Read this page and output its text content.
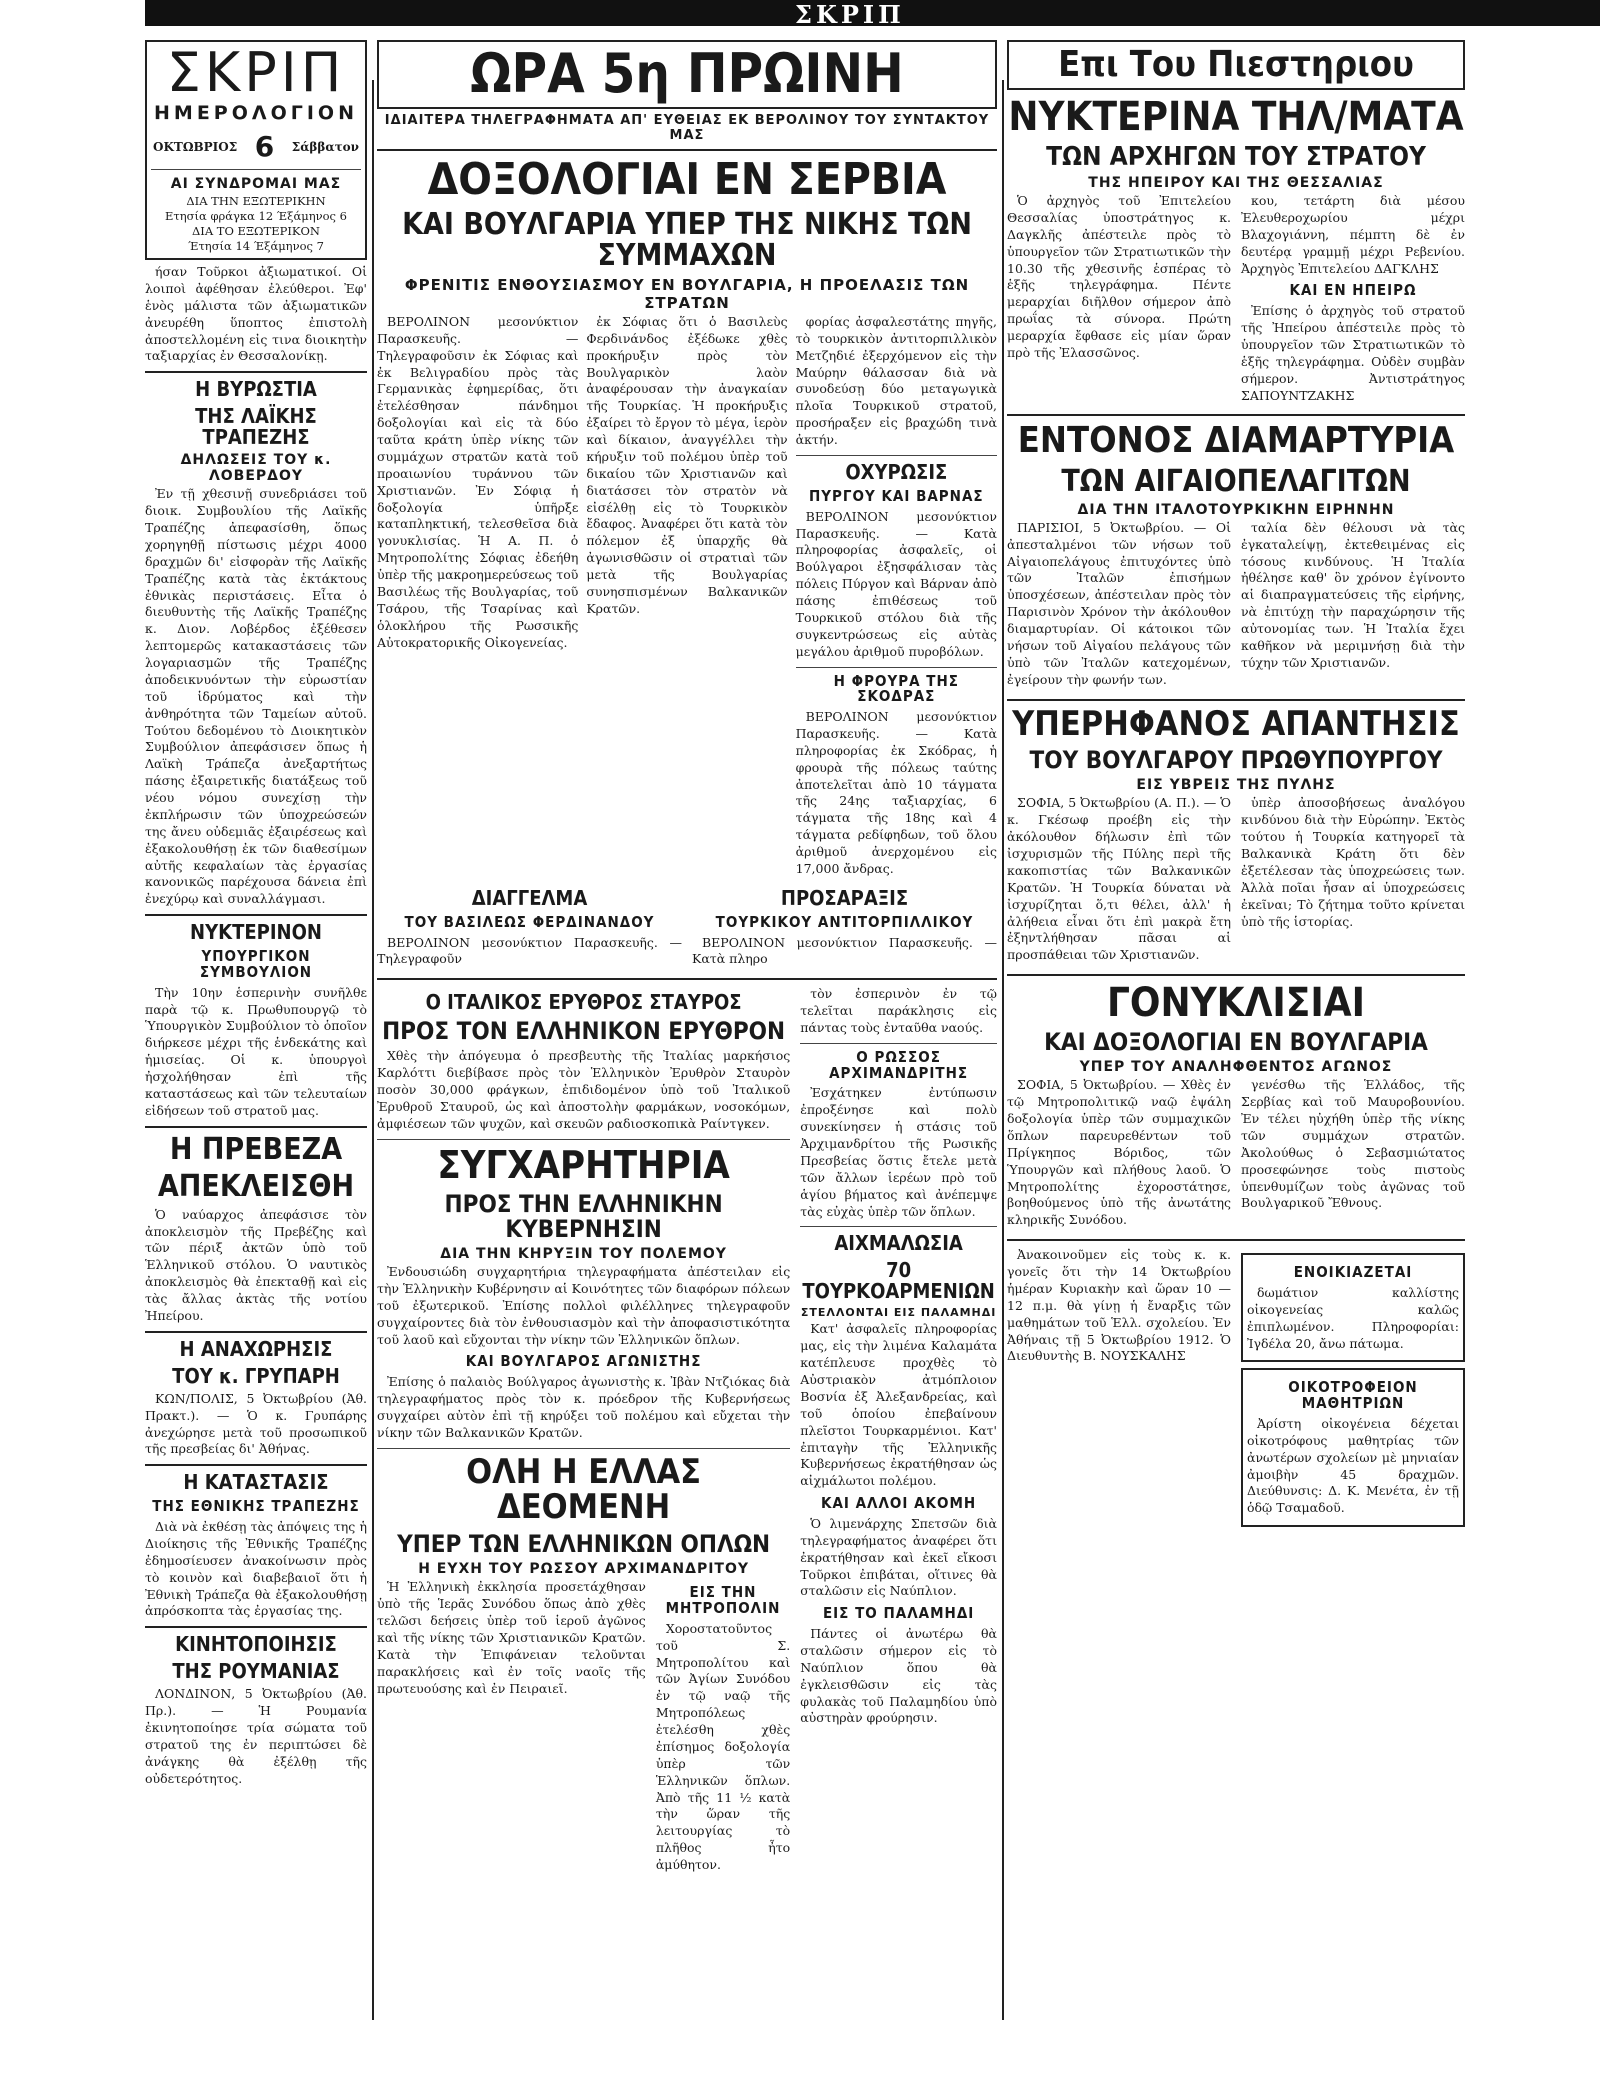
ΣΚΡΙΠ
ΣΚΡΙΠ
ΗΜΕΡΟΛΟΓΙΟΝ
ΟΚΤΩΒΡΙΟΣ 6 Σάββατον
ΑΙ ΣΥΝΔΡΟΜΑΙ ΜΑΣ
ΔΙΑ ΤΗΝ ΕΞΩΤΕΡΙΚΗΝ
Ετησία φράγκα 12 Έξάμηνος 6
ΔΙΑ ΤΟ ΕΞΩΤΕΡΙΚΟΝ
Έτησία 14 Έξάμηνος 7

ήσαν Τοῦρκοι ἀξιωματικοί. Οἱ λοιποὶ ἀφέθησαν ἐλεύθεροι. Ἐφ' ἑνὸς μάλιστα τῶν ἀξιωματικῶν ἀνευρέθη ὕποπτος ἐπιστολὴ ἀποστελλομένη εἰς τινα διοικητὴν ταξιαρχίας ἐν Θεσσαλονίκῃ.

Η ΒΥΡΩΣΤΙΑ
ΤΗΣ ΛΑΪΚΗΣ ΤΡΑΠΕΖΗΣ
ΔΗΛΩΣΕΙΣ ΤΟΥ κ. ΛΟΒΕΡΔΟΥ

Ἐν τῇ χθεσινῇ συνεδριάσει τοῦ διοικ. Συμβουλίου τῆς Λαϊκῆς Τραπέζης ἀπεφασίσθη, ὅπως χορηγηθῇ πίστωσις μέχρι 4000 δραχμῶν δι' εἰσφορὰν τῆς Λαϊκῆς Τραπέζης κατὰ τὰς ἐκτάκτους ἐθνικὰς περιστάσεις. Εἶτα ὁ διευθυντὴς τῆς Λαϊκῆς Τραπέζης κ. Διον. Λοβέρδος ἐξέθεσεν λεπτομερῶς κατακαστάσεις τῶν λογαριασμῶν τῆς Τραπέζης ἀποδεικνυόντων τὴν εὐρωστίαν τοῦ ἱδρύματος καὶ τὴν ἀνθηρότητα τῶν Ταμείων αὐτοῦ. Τούτου δεδομένου τὸ Διοικητικὸν Συμβούλιον ἀπεφάσισεν ὅπως ἡ Λαϊκὴ Τράπεζα ἀνεξαρτήτως πάσης ἐξαιρετικῆς διατάξεως τοῦ νέου νόμου συνεχίσῃ τὴν ἐκπλήρωσιν τῶν ὑποχρεώσεών της ἄνευ οὐδεμιᾶς ἐξαιρέσεως καὶ ἐξακολουθήσῃ ἐκ τῶν διαθεσίμων αὐτῆς κεφαλαίων τὰς ἐργασίας κανονικῶς παρέχουσα δάνεια ἐπὶ ἐνεχύρῳ καὶ συναλλάγμασι.

ΝΥΚΤΕΡΙΝΟΝ
ΥΠΟΥΡΓΙΚΟΝ ΣΥΜΒΟΥΛΙΟΝ

Τὴν 10ην ἑσπερινὴν συνῆλθε παρὰ τῷ κ. Πρωθυπουργῷ τὸ Ὑπουργικὸν Συμβούλιον τὸ ὁποῖον διήρκεσε μέχρι τῆς ἑνδεκάτης καὶ ἡμισείας. Οἱ κ. ὑπουργοὶ ἠσχολήθησαν ἐπὶ τῆς καταστάσεως καὶ τῶν τελευταίων εἰδήσεων τοῦ στρατοῦ μας.

Η ΠΡΕΒΕΖΑ
ΑΠΕΚΛΕΙΣΘΗ

Ὁ ναύαρχος ἀπεφάσισε τὸν ἀποκλεισμὸν τῆς Πρεβέζης καὶ τῶν πέριξ ἀκτῶν ὑπὸ τοῦ Ἑλληνικοῦ στόλου. Ὁ ναυτικὸς ἀποκλεισμὸς θὰ ἐπεκταθῇ καὶ εἰς τὰς ἄλλας ἀκτὰς τῆς νοτίου Ἠπείρου.

Η ΑΝΑΧΩΡΗΣΙΣ
ΤΟΥ κ. ΓΡΥΠΑΡΗ

ΚΩΝ/ΠΟΛΙΣ, 5 Ὀκτωβρίου (Ἀθ. Πρακτ.). — Ὁ κ. Γρυπάρης ἀνεχώρησε μετὰ τοῦ προσωπικοῦ τῆς πρεσβείας δι' Ἀθήνας.

Η ΚΑΤΑΣΤΑΣΙΣ
ΤΗΣ ΕΘΝΙΚΗΣ ΤΡΑΠΕΖΗΣ

Διὰ νὰ ἐκθέσῃ τὰς ἀπόψεις της ἡ Διοίκησις τῆς Ἐθνικῆς Τραπέζης ἐδημοσίευσεν ἀνακοίνωσιν πρὸς τὸ κοινὸν καὶ διαβεβαιοῖ ὅτι ἡ Ἐθνικὴ Τράπεζα θὰ ἐξακολουθήσῃ ἀπρόσκοπτα τὰς ἐργασίας της.

ΚΙΝΗΤΟΠΟΙΗΣΙΣ
ΤΗΣ ΡΟΥΜΑΝΙΑΣ

ΛΟΝΔΙΝΟΝ, 5 Ὀκτωβρίου (Ἀθ. Πρ.). — Ἡ Ρουμανία ἐκινητοποίησε τρία σώματα τοῦ στρατοῦ της ἐν περιπτώσει δὲ ἀνάγκης θὰ ἐξέλθῃ τῆς οὐδετερότητος.

ΩΡΑ 5η ΠΡΩΙΝΗ
ΙΔΙΑΙΤΕΡΑ ΤΗΛΕΓΡΑΦΗΜΑΤΑ ΑΠ' ΕΥΘΕΙΑΣ ΕΚ ΒΕΡΟΛΙΝΟΥ ΤΟΥ ΣΥΝΤΑΚΤΟΥ ΜΑΣ
ΔΟΞΟΛΟΓΙΑΙ ΕΝ ΣΕΡΒΙΑ
ΚΑΙ ΒΟΥΛΓΑΡΙΑ ΥΠΕΡ ΤΗΣ ΝΙΚΗΣ ΤΩΝ ΣΥΜΜΑΧΩΝ
ΦΡΕΝΙΤΙΣ ΕΝΘΟΥΣΙΑΣΜΟΥ ΕΝ ΒΟΥΛΓΑΡΙΑ, Η ΠΡΟΕΛΑΣΙΣ ΤΩΝ ΣΤΡΑΤΩΝ

ΒΕΡΟΛΙΝΟΝ μεσονύκτιον Παρασκευῆς. — Τηλεγραφοῦσιν ἐκ Σόφιας καὶ ἐκ Βελιγραδίου πρὸς τὰς Γερμανικὰς ἐφημερίδας, ὅτι ἐτελέσθησαν πάνδημοι δοξολογίαι καὶ εἰς τὰ δύο ταῦτα κράτη ὑπὲρ νίκης τῶν συμμάχων στρατῶν κατὰ τοῦ προαιωνίου τυράννου τῶν Χριστιανῶν. Ἐν Σόφιᾳ ἡ δοξολογία ὑπῆρξε καταπληκτική, τελεσθεῖσα διὰ γονυκλισίας. Ἡ Α. Π. ὁ Μητροπολίτης Σόφιας ἐδεήθη ὑπὲρ τῆς μακροημερεύσεως τοῦ Βασιλέως τῆς Βουλγαρίας, τοῦ Τσάρου, τῆς Τσαρίνας καὶ ὁλοκλήρου τῆς Ρωσσικῆς Αὐτοκρατορικῆς Οἰκογενείας.

ἐκ Σόφιας ὅτι ὁ Βασιλεὺς Φερδινάνδος ἐξέδωκε χθὲς προκήρυξιν πρὸς τὸν Βουλγαρικὸν λαὸν ἀναφέρουσαν τὴν ἀναγκαίαν τῆς Τουρκίας. Ἡ προκήρυξις ἐξαίρει τὸ ἔργον τὸ μέγα, ἱερὸν καὶ δίκαιον, ἀναγγέλλει τὴν κήρυξιν τοῦ πολέμου ὑπὲρ τοῦ δικαίου τῶν Χριστιανῶν καὶ διατάσσει τὸν στρατὸν νὰ εἰσέλθῃ εἰς τὸ Τουρκικὸν ἔδαφος. Ἀναφέρει ὅτι κατὰ τὸν πόλεμον ἐξ ὑπαρχῆς θὰ ἀγωνισθῶσιν οἱ στρατιαὶ τῶν μετὰ τῆς Βουλγαρίας συνησπισμένων Βαλκανικῶν Κρατῶν.

φορίας ἀσφαλεστάτης πηγῆς, τὸ τουρκικὸν ἀντιτορπιλλικὸν Μετζηδιέ ἐξερχόμενον εἰς τὴν Μαύρην θάλασσαν διὰ νὰ συνοδεύσῃ δύο μεταγωγικὰ πλοῖα Τουρκικοῦ στρατοῦ, προσήραξεν εἰς βραχώδη τινὰ ἀκτήν.

ΟΧΥΡΩΣΙΣ
ΠΥΡΓΟΥ ΚΑΙ ΒΑΡΝΑΣ

ΒΕΡΟΛΙΝΟΝ μεσονύκτιον Παρασκευῆς. — Κατὰ πληροφορίας ἀσφαλεῖς, οἱ Βούλγαροι ἐξησφάλισαν τὰς πόλεις Πύργον καὶ Βάρναν ἀπὸ πάσης ἐπιθέσεως τοῦ Τουρκικοῦ στόλου διὰ τῆς συγκεντρώσεως εἰς αὐτὰς μεγάλου ἀριθμοῦ πυροβόλων.

Η ΦΡΟΥΡΑ ΤΗΣ ΣΚΟΔΡΑΣ

ΒΕΡΟΛΙΝΟΝ μεσονύκτιον Παρασκευῆς. — Κατὰ πληροφορίας ἐκ Σκόδρας, ἡ φρουρὰ τῆς πόλεως ταύτης ἀποτελεῖται ἀπὸ 10 τάγματα τῆς 24ης ταξιαρχίας, 6 τάγματα τῆς 18ης καὶ 4 τάγματα ρεδίφηδων, τοῦ ὅλου ἀριθμοῦ ἀνερχομένου εἰς 17,000 ἄνδρας.

ΔΙΑΓΓΕΛΜΑ
ΤΟΥ ΒΑΣΙΛΕΩΣ ΦΕΡΔΙΝΑΝΔΟΥ

ΒΕΡΟΛΙΝΟΝ μεσονύκτιον Παρασκευῆς. — Τηλεγραφοῦν

ΠΡΟΣΑΡΑΞΙΣ
ΤΟΥΡΚΙΚΟΥ ΑΝΤΙΤΟΡΠΙΛΛΙΚΟΥ

ΒΕΡΟΛΙΝΟΝ μεσονύκτιον Παρασκευῆς. — Κατὰ πληρο

Ο ΙΤΑΛΙΚΟΣ ΕΡΥΘΡΟΣ ΣΤΑΥΡΟΣ
ΠΡΟΣ ΤΟΝ ΕΛΛΗΝΙΚΟΝ ΕΡΥΘΡΟΝ

Χθὲς τὴν ἀπόγευμα ὁ πρεσβευτὴς τῆς Ἰταλίας μαρκήσιος Καρλόττι διεβίβασε πρὸς τὸν Ἑλληνικὸν Ἐρυθρὸν Σταυρὸν ποσὸν 30,000 φράγκων, ἐπιδιδομένον ὑπὸ τοῦ Ἰταλικοῦ Ἐρυθροῦ Σταυροῦ, ὡς καὶ ἀποστολὴν φαρμάκων, νοσοκόμων, ἀμφιέσεων τῶν ψυχῶν, καὶ σκευῶν ραδιοσκοπικὰ Ραίντγκεν.

ΣΥΓΧΑΡΗΤΗΡΙΑ
ΠΡΟΣ ΤΗΝ ΕΛΛΗΝΙΚΗΝ ΚΥΒΕΡΝΗΣΙΝ
ΔΙΑ ΤΗΝ ΚΗΡΥΞΙΝ ΤΟΥ ΠΟΛΕΜΟΥ

Ἐνδουσιώδη συγχαρητήρια τηλεγραφήματα ἀπέστειλαν εἰς τὴν Ἑλληνικὴν Κυβέρνησιν αἱ Κοινότητες τῶν διαφόρων πόλεων τοῦ ἐξωτερικοῦ. Ἐπίσης πολλοὶ φιλέλληνες τηλεγραφοῦν συγχαίροντες διὰ τὸν ἐνθουσιασμὸν καὶ τὴν ἀποφασιστικότητα τοῦ λαοῦ καὶ εὔχονται τὴν νίκην τῶν Ἑλληνικῶν ὅπλων.

ΚΑΙ ΒΟΥΛΓΑΡΟΣ ΑΓΩΝΙΣΤΗΣ

Ἐπίσης ὁ παλαιὸς Βούλγαρος ἀγωνιστὴς κ. Ἰβὰν Ντζιόκας διὰ τηλεγραφήματος πρὸς τὸν κ. πρόεδρον τῆς Κυβερνήσεως συγχαίρει αὐτὸν ἐπὶ τῇ κηρύξει τοῦ πολέμου καὶ εὔχεται τὴν νίκην τῶν Βαλκανικῶν Κρατῶν.

ΟΛΗ Η ΕΛΛΑΣ ΔΕΟΜΕΝΗ
ΥΠΕΡ ΤΩΝ ΕΛΛΗΝΙΚΩΝ ΟΠΛΩΝ
Η ΕΥΧΗ ΤΟΥ ΡΩΣΣΟΥ ΑΡΧΙΜΑΝΔΡΙΤΟΥ

Ἡ Ἑλληνικὴ ἐκκλησία προσετάχθησαν ὑπὸ τῆς Ἱερᾶς Συνόδου ὅπως ἀπὸ χθὲς τελῶσι δεήσεις ὑπὲρ τοῦ ἱεροῦ ἀγῶνος καὶ τῆς νίκης τῶν Χριστιανικῶν Κρατῶν. Κατὰ τὴν Ἐπιφάνειαν τελοῦνται παρακλήσεις καὶ ἐν τοῖς ναοῖς τῆς πρωτευούσης καὶ ἐν Πειραιεῖ.

ΕΙΣ ΤΗΝ ΜΗΤΡΟΠΟΛΙΝ

Χοροστατοῦντος τοῦ Σ. Μητροπολίτου καὶ τῶν Ἀγίων Συνόδου ἐν τῷ ναῷ τῆς Μητροπόλεως ἐτελέσθη χθὲς ἐπίσημος δοξολογία ὑπὲρ τῶν Ἑλληνικῶν ὅπλων. Ἀπὸ τῆς 11 ½ κατὰ τὴν ὥραν τῆς λειτουργίας τὸ πλῆθος ἦτο ἀμύθητον.

τὸν ἐσπερινὸν ἐν τῷ τελεῖται παράκλησις εἰς πάντας τοὺς ἐνταῦθα ναούς.

Ο ΡΩΣΣΟΣ ΑΡΧΙΜΑΝΔΡΙΤΗΣ

Ἐσχάτηκεν ἐντύπωσιν ἐπροξένησε καὶ πολὺ συνεκίνησεν ἡ στάσις τοῦ Ἀρχιμανδρίτου τῆς Ρωσικῆς Πρεσβείας ὅστις ἔτελε μετὰ τῶν ἄλλων ἱερέων πρὸ τοῦ ἁγίου βήματος καὶ ἀνέπεμψε τὰς εὐχὰς ὑπὲρ τῶν ὅπλων.

ΑΙΧΜΑΛΩΣΙΑ
70 ΤΟΥΡΚΟΑΡΜΕΝΙΩΝ
ΣΤΕΛΛΟΝΤΑΙ ΕΙΣ ΠΑΛΑΜΗΔΙ

Κατ' ἀσφαλεῖς πληροφορίας μας, εἰς τὴν λιμένα Καλαμάτα κατέπλευσε προχθὲς τὸ Αὐστριακὸν ἀτμόπλοιον Βοσνία ἐξ Ἀλεξανδρείας, καὶ τοῦ ὁποίου ἐπεβαίνουν πλεῖστοι Τουρκαρμένιοι. Κατ' ἐπιταγὴν τῆς Ἑλληνικῆς Κυβερνήσεως ἐκρατήθησαν ὡς αἰχμάλωτοι πολέμου.

ΚΑΙ ΑΛΛΟΙ ΑΚΟΜΗ

Ὁ λιμενάρχης Σπετσῶν διὰ τηλεγραφήματος ἀναφέρει ὅτι ἐκρατήθησαν καὶ ἐκεῖ εἴκοσι Τοῦρκοι ἐπιβάται, οἵτινες θὰ σταλῶσιν εἰς Ναύπλιον.

ΕΙΣ ΤΟ ΠΑΛΑΜΗΔΙ

Πάντες οἱ ἀνωτέρω θὰ σταλῶσιν σήμερον εἰς τὸ Ναύπλιον ὅπου θὰ ἐγκλεισθῶσιν εἰς τὰς φυλακὰς τοῦ Παλαμηδίου ὑπὸ αὐστηρὰν φρούρησιν.

Επι Του Πιεστηριου
ΝΥΚΤΕΡΙΝΑ ΤΗΛ/ΜΑΤΑ
ΤΩΝ ΑΡΧΗΓΩΝ ΤΟΥ ΣΤΡΑΤΟΥ
ΤΗΣ ΗΠΕΙΡΟΥ ΚΑΙ ΤΗΣ ΘΕΣΣΑΛΙΑΣ

Ὁ ἀρχηγὸς τοῦ Ἐπιτελείου Θεσσαλίας ὑποστράτηγος κ. Δαγκλῆς ἀπέστειλε πρὸς τὸ ὑπουργεῖον τῶν Στρατιωτικῶν τὴν 10.30 τῆς χθεσινῆς ἑσπέρας τὸ ἑξῆς τηλεγράφημα. Πέντε μεραρχίαι διῆλθον σήμερον ἀπὸ πρωΐας τὰ σύνορα. Πρώτη μεραρχία ἔφθασε εἰς μίαν ὥραν πρὸ τῆς Ἐλασσῶνος.

κου, τετάρτη διὰ μέσου Ἐλευθεροχωρίου μέχρι Βλαχογιάννη, πέμπτη δὲ ἐν δευτέρᾳ γραμμῇ μέχρι Ρεβενίου. Ἀρχηγὸς Ἐπιτελείου ΔΑΓΚΛΗΣ

ΚΑΙ ΕΝ ΗΠΕΙΡΩ

Ἐπίσης ὁ ἀρχηγὸς τοῦ στρατοῦ τῆς Ἠπείρου ἀπέστειλε πρὸς τὸ ὑπουργεῖον τῶν Στρατιωτικῶν τὸ ἑξῆς τηλεγράφημα. Οὐδὲν συμβὰν σήμερον. Ἀντιστράτηγος ΣΑΠΟΥΝΤΖΑΚΗΣ

ΕΝΤΟΝΟΣ ΔΙΑΜΑΡΤΥΡΙΑ
ΤΩΝ ΑΙΓΑΙΟΠΕΛΑΓΙΤΩΝ
ΔΙΑ ΤΗΝ ΙΤΑΛΟΤΟΥΡΚΙΚΗΝ ΕΙΡΗΝΗΝ

ΠΑΡΙΣΙΟΙ, 5 Ὀκτωβρίου. — Οἱ ἀπεσταλμένοι τῶν νήσων τοῦ Αἰγαιοπελάγους ἐπιτυχόντες ὑπὸ τῶν Ἰταλῶν ἐπισήμων ὑποσχέσεων, ἀπέστειλαν πρὸς τὸν Παρισινὸν Χρόνον τὴν ἀκόλουθον διαμαρτυρίαν. Οἱ κάτοικοι τῶν νήσων τοῦ Αἰγαίου πελάγους τῶν ὑπὸ τῶν Ἰταλῶν κατεχομένων, ἐγείρουν τὴν φωνήν των.

ταλία δὲν θέλουσι νὰ τὰς ἐγκαταλείψῃ, ἐκτεθειμένας εἰς τόσους κινδύνους. Ἡ Ἰταλία ἠθέλησε καθ' ὃν χρόνον ἐγίνοντο αἱ διαπραγματεύσεις τῆς εἰρήνης, νὰ ἐπιτύχῃ τὴν παραχώρησιν τῆς αὐτονομίας των. Ἡ Ἰταλία ἔχει καθῆκον νὰ μεριμνήσῃ διὰ τὴν τύχην τῶν Χριστιανῶν.

ΥΠΕΡΗΦΑΝΟΣ ΑΠΑΝΤΗΣΙΣ
ΤΟΥ ΒΟΥΛΓΑΡΟΥ ΠΡΩΘΥΠΟΥΡΓΟΥ
ΕΙΣ ΥΒΡΕΙΣ ΤΗΣ ΠΥΛΗΣ

ΣΟΦΙΑ, 5 Ὀκτωβρίου (Α. Π.). — Ὁ κ. Γκέσωφ προέβη εἰς τὴν ἀκόλουθον δήλωσιν ἐπὶ τῶν ἰσχυρισμῶν τῆς Πύλης περὶ τῆς κακοπιστίας τῶν Βαλκανικῶν Κρατῶν. Ἡ Τουρκία δύναται νὰ ἰσχυρίζηται ὅ,τι θέλει, ἀλλ' ἡ ἀλήθεια εἶναι ὅτι ἐπὶ μακρὰ ἔτη ἐξηντλήθησαν πᾶσαι αἱ προσπάθειαι τῶν Χριστιανῶν.

ὑπὲρ ἀποσοβήσεως ἀναλόγου κινδύνου διὰ τὴν Εὐρώπην. Ἐκτὸς τούτου ἡ Τουρκία κατηγορεῖ τὰ Βαλκανικὰ Κράτη ὅτι δὲν ἐξετέλεσαν τὰς ὑποχρεώσεις των. Ἀλλὰ ποῖαι ἦσαν αἱ ὑποχρεώσεις ἐκεῖναι; Τὸ ζήτημα τοῦτο κρίνεται ὑπὸ τῆς ἱστορίας.

ΓΟΝΥΚΛΙΣΙΑΙ
ΚΑΙ ΔΟΞΟΛΟΓΙΑΙ ΕΝ ΒΟΥΛΓΑΡΙΑ
ΥΠΕΡ ΤΟΥ ΑΝΑΛΗΦΘΕΝΤΟΣ ΑΓΩΝΟΣ

ΣΟΦΙΑ, 5 Ὀκτωβρίου. — Χθὲς ἐν τῷ Μητροπολιτικῷ ναῷ ἐψάλη δοξολογία ὑπὲρ τῶν συμμαχικῶν ὅπλων παρευρεθέντων τοῦ Πρίγκηπος Βόριδος, τῶν Ὑπουργῶν καὶ πλήθους λαοῦ. Ὁ Μητροπολίτης ἐχοροστάτησε, βοηθούμενος ὑπὸ τῆς ἀνωτάτης κληρικῆς Συνόδου.

γενέσθω τῆς Ἑλλάδος, τῆς Σερβίας καὶ τοῦ Μαυροβουνίου. Ἐν τέλει ηὐχήθη ὑπὲρ τῆς νίκης τῶν συμμάχων στρατῶν. Ἀκολούθως ὁ Σεβασμιώτατος προσεφώνησε τοὺς πιστοὺς ὑπενθυμίζων τοὺς ἀγῶνας τοῦ Βουλγαρικοῦ Ἔθνους.

Ἀνακοινοῦμεν εἰς τοὺς κ. κ. γονεῖς ὅτι τὴν 14 Ὀκτωβρίου ἡμέραν Κυριακὴν καὶ ὥραν 10 — 12 π.μ. θὰ γίνῃ ἡ ἔναρξις τῶν μαθημάτων τοῦ Ἑλλ. σχολείου. Ἐν Ἀθήναις τῇ 5 Ὀκτωβρίου 1912. Ὁ Διευθυντὴς Β. ΝΟΥΣΚΑΛΗΣ

ΕΝΟΙΚΙΑΖΕΤΑΙ

δωμάτιον καλλίστης οἰκογενείας καλῶς ἐπιπλωμένον. Πληροφορίαι: Ἰγδέλα 20, ἄνω πάτωμα.

ΟΙΚΟΤΡΟΦΕΙΟΝ ΜΑΘΗΤΡΙΩΝ

Ἀρίστη οἰκογένεια δέχεται οἰκοτρόφους μαθητρίας τῶν ἀνωτέρων σχολείων μὲ μηνιαίαν ἀμοιβὴν 45 δραχμῶν. Διεύθυνσις: Δ. Κ. Μενέτα, ἐν τῇ ὁδῷ Τσαμαδοῦ.
